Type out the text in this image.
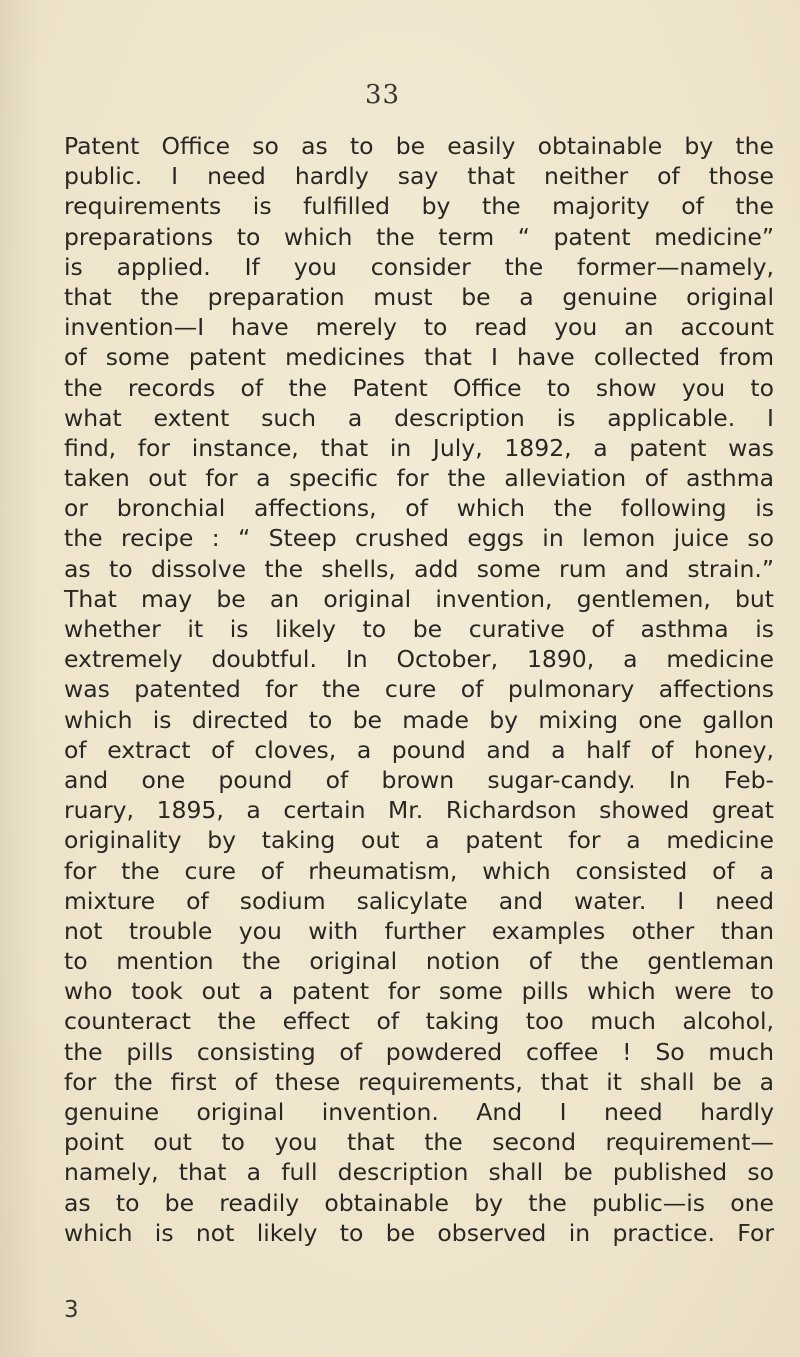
33
Patent Office so as to be easily obtainable by the
public. I need hardly say that neither of those
requirements is fulfilled by the majority of the
preparations to which the term “ patent medicine”
is applied. If you consider the former—namely,
that the preparation must be a genuine original
invention—I have merely to read you an account
of some patent medicines that I have collected from
the records of the Patent Office to show you to
what extent such a description is applicable. I
find, for instance, that in July, 1892, a patent was
taken out for a specific for the alleviation of asthma
or bronchial affections, of which the following is
the recipe : “ Steep crushed eggs in lemon juice so
as to dissolve the shells, add some rum and strain.”
That may be an original invention, gentlemen, but
whether it is likely to be curative of asthma is
extremely doubtful. In October, 1890, a medicine
was patented for the cure of pulmonary affections
which is directed to be made by mixing one gallon
of extract of cloves, a pound and a half of honey,
and one pound of brown sugar-candy. In Feb-
ruary, 1895, a certain Mr. Richardson showed great
originality by taking out a patent for a medicine
for the cure of rheumatism, which consisted of a
mixture of sodium salicylate and water. I need
not trouble you with further examples other than
to mention the original notion of the gentleman
who took out a patent for some pills which were to
counteract the effect of taking too much alcohol,
the pills consisting of powdered coffee ! So much
for the first of these requirements, that it shall be a
genuine original invention. And I need hardly
point out to you that the second requirement—
namely, that a full description shall be published so
as to be readily obtainable by the public—is one
which is not likely to be observed in practice. For
3
